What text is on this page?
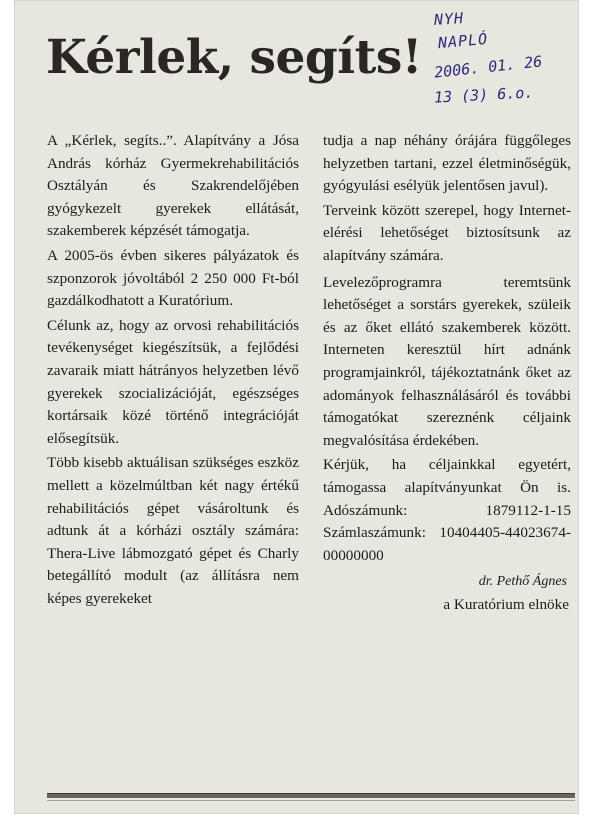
Kérlek, segíts!
NYH
NAPLÓ
2006. 01. 26
13 (3) 6.o.

A „Kérlek, segíts..”. Alapítvány a Jósa András kórház Gyermekrehabilitációs Osztályán és Szakrendelőjében gyógykezelt gyerekek ellátását, szakemberek képzését támogatja.

A 2005-ös évben sikeres pályázatok és szponzorok jóvoltából 2 250 000 Ft-ból gazdálkodhatott a Kuratórium.

Célunk az, hogy az orvosi rehabilitációs tevékenységet kiegészítsük, a fejlődési zavaraik miatt hátrányos helyzetben lévő gyerekek szocializációját, egészséges kortársaik közé történő integrációját elősegítsük.

Több kisebb aktuálisan szükséges eszköz mellett a közelmúltban két nagy értékű rehabilitációs gépet vásároltunk és adtunk át a kórházi osztály számára: Thera-Live lábmozgató gépet és Charly betegállító modult (az állításra nem képes gyerekeket

tudja a nap néhány órájára függőleges helyzetben tartani, ezzel életminőségük, gyógyulási esélyük jelentősen javul).

Terveink között szerepel, hogy Internet-elérési lehetőséget biztosítsunk az alapítvány számára.

Levelezőprogramra teremtsünk lehetőséget a sorstárs gyerekek, szüleik és az őket ellátó szakemberek között. Interneten keresztül hírt adnánk programjainkról, tájékoztatnánk őket az adományok felhasználásáról és további támogatókat szereznénk céljaink megvalósítása érdekében.

Kérjük, ha céljainkkal egyetért, támogassa alapítványunkat Ön is. Adószámunk: 1879112-1-15 Számlaszámunk: 10404405-44023674-00000000

dr. Pethő Ágnes
a Kuratórium elnöke
